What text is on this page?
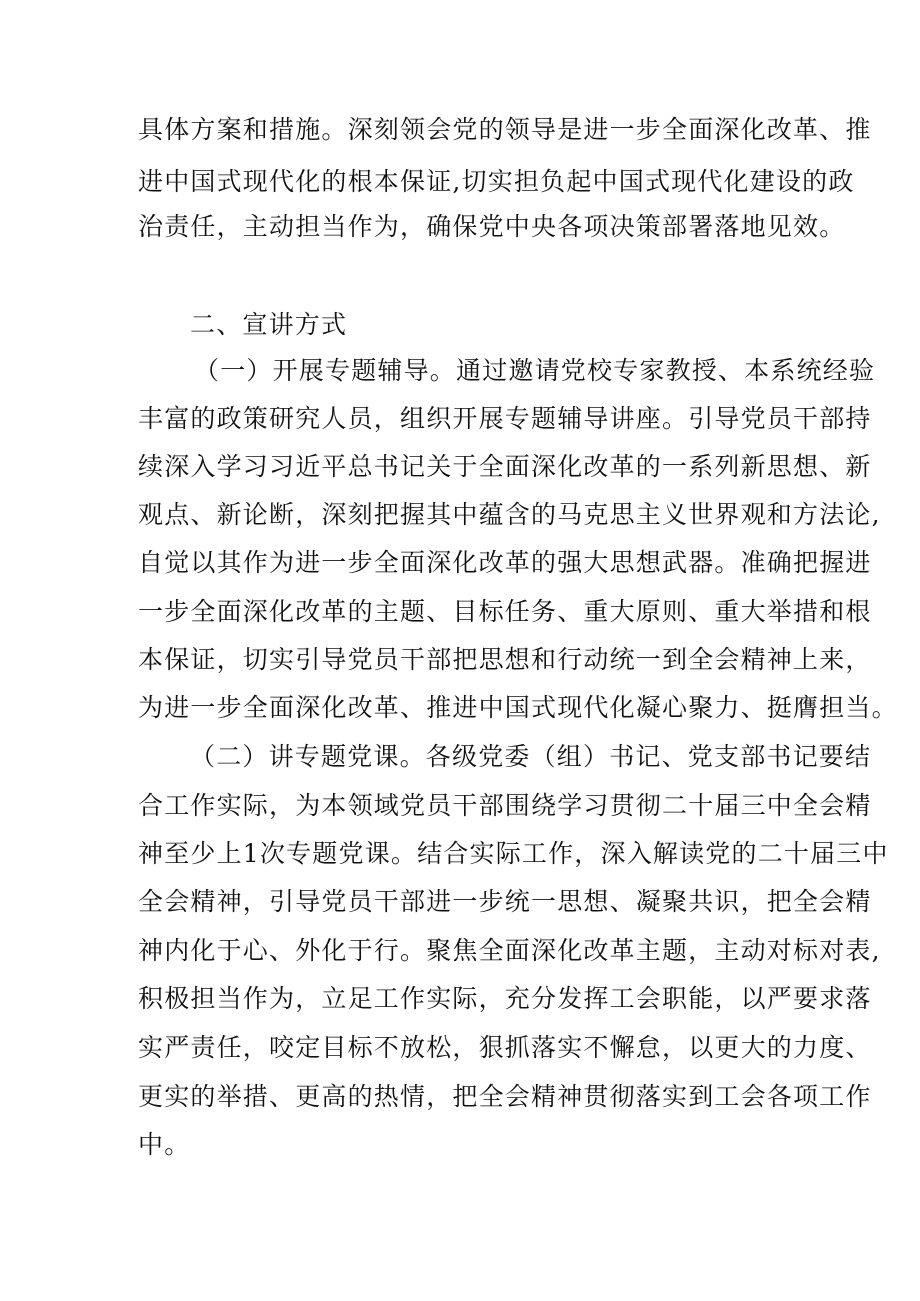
具体方案和措施。深刻领会党的领导是进一步全面深化改革、推
进中国式现代化的根本保证,切实担负起中国式现代化建设的政
治责任，主动担当作为，确保党中央各项决策部署落地见效。
二、宣讲方式
（一）开展专题辅导。通过邀请党校专家教授、本系统经验
丰富的政策研究人员，组织开展专题辅导讲座。引导党员干部持
续深入学习习近平总书记关于全面深化改革的一系列新思想、新
观点、新论断，深刻把握其中蕴含的马克思主义世界观和方法论,
自觉以其作为进一步全面深化改革的强大思想武器。准确把握进
一步全面深化改革的主题、目标任务、重大原则、重大举措和根
本保证，切实引导党员干部把思想和行动统一到全会精神上来，
为进一步全面深化改革、推进中国式现代化凝心聚力、挺膺担当。
（二）讲专题党课。各级党委（组）书记、党支部书记要结
合工作实际，为本领域党员干部围绕学习贯彻二十届三中全会精
神至少上1次专题党课。结合实际工作，深入解读党的二十届三中
全会精神，引导党员干部进一步统一思想、凝聚共识，把全会精
神内化于心、外化于行。聚焦全面深化改革主题，主动对标对表,
积极担当作为，立足工作实际，充分发挥工会职能，以严要求落
实严责任，咬定目标不放松，狠抓落实不懈怠，以更大的力度、
更实的举措、更高的热情，把全会精神贯彻落实到工会各项工作
中。
